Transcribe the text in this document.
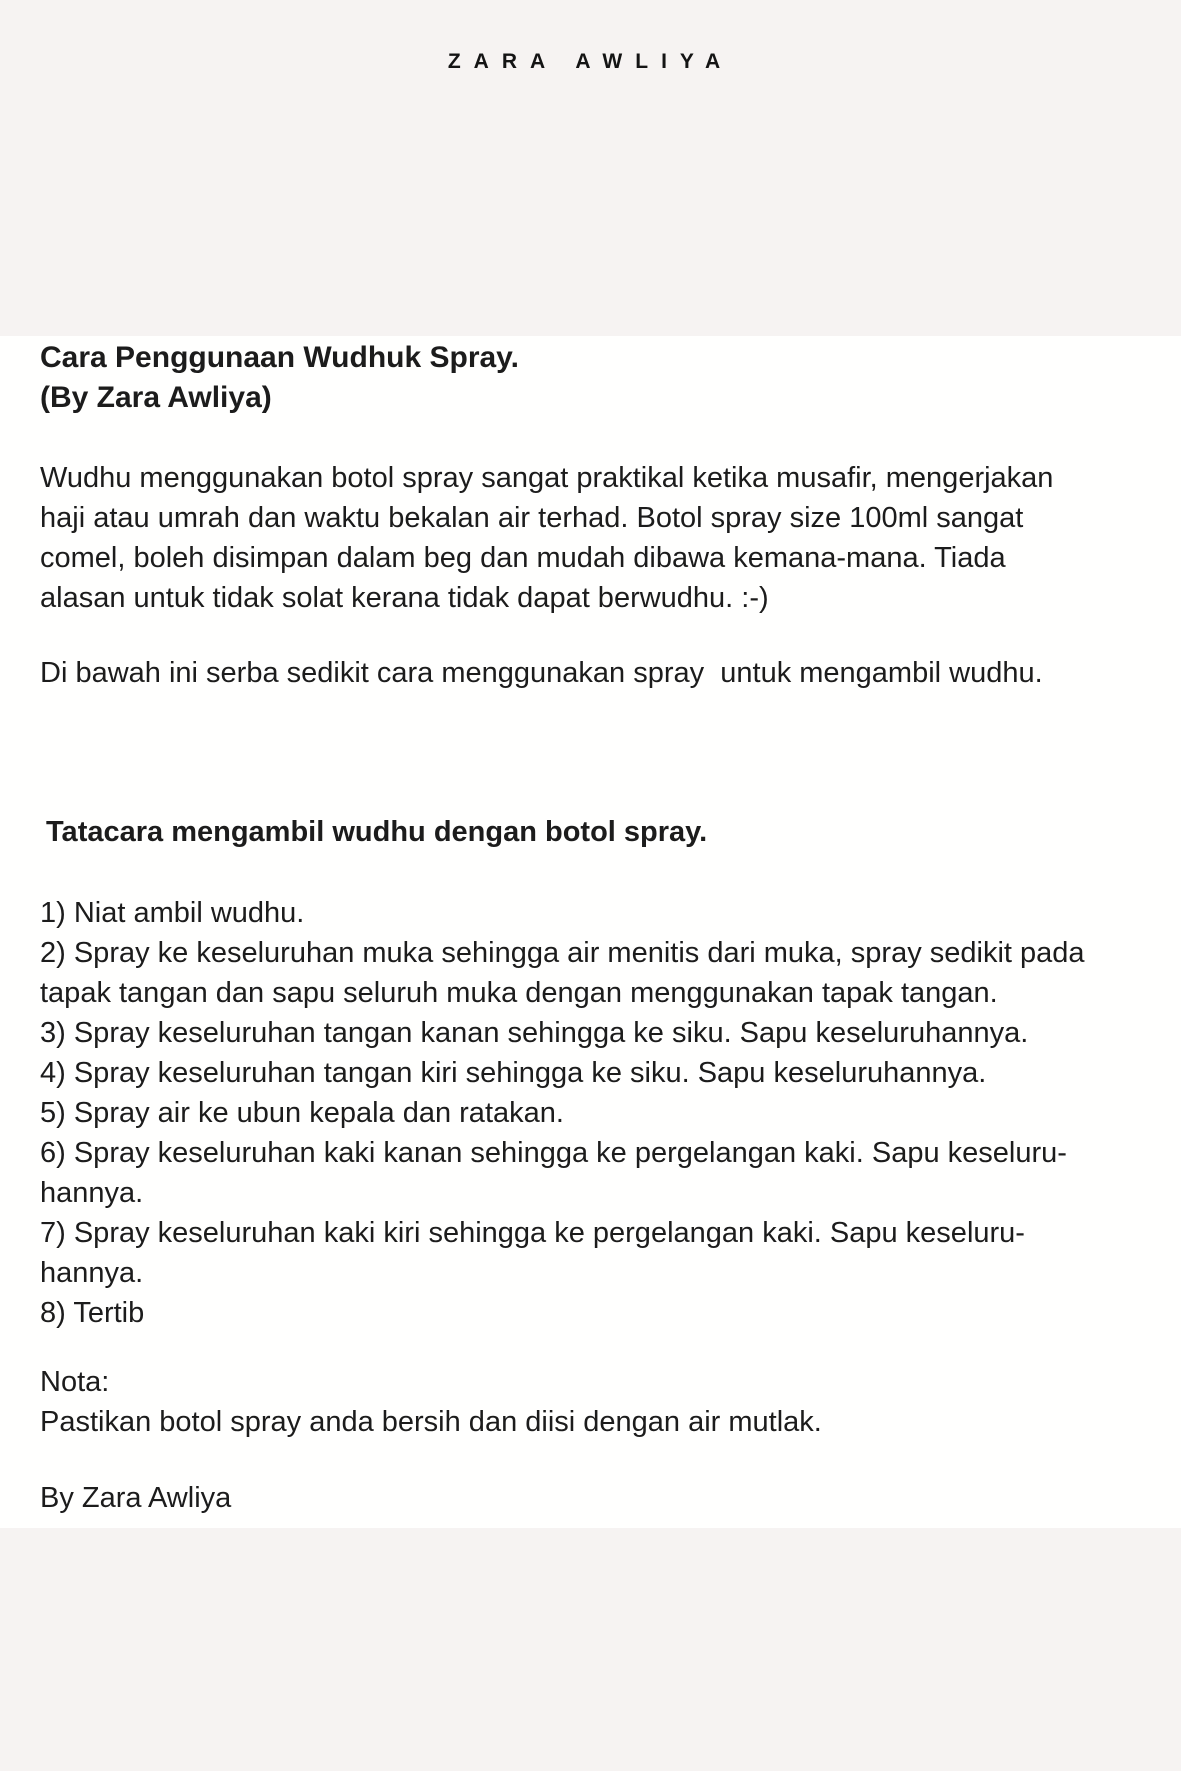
ZARA AWLIYA
Cara Penggunaan Wudhuk Spray.
(By Zara Awliya)
Wudhu menggunakan botol spray sangat praktikal ketika musafir, mengerjakan
haji atau umrah dan waktu bekalan air terhad. Botol spray size 100ml sangat
comel, boleh disimpan dalam beg dan mudah dibawa kemana-mana. Tiada
alasan untuk tidak solat kerana tidak dapat berwudhu. :-)
Di bawah ini serba sedikit cara menggunakan spray  untuk mengambil wudhu.
Tatacara mengambil wudhu dengan botol spray.
1) Niat ambil wudhu.
2) Spray ke keseluruhan muka sehingga air menitis dari muka, spray sedikit pada
tapak tangan dan sapu seluruh muka dengan menggunakan tapak tangan.
3) Spray keseluruhan tangan kanan sehingga ke siku. Sapu keseluruhannya.
4) Spray keseluruhan tangan kiri sehingga ke siku. Sapu keseluruhannya.
5) Spray air ke ubun kepala dan ratakan.
6) Spray keseluruhan kaki kanan sehingga ke pergelangan kaki. Sapu keseluru-
hannya.
7) Spray keseluruhan kaki kiri sehingga ke pergelangan kaki. Sapu keseluru-
hannya.
8) Tertib
Nota:
Pastikan botol spray anda bersih dan diisi dengan air mutlak.
By Zara Awliya
